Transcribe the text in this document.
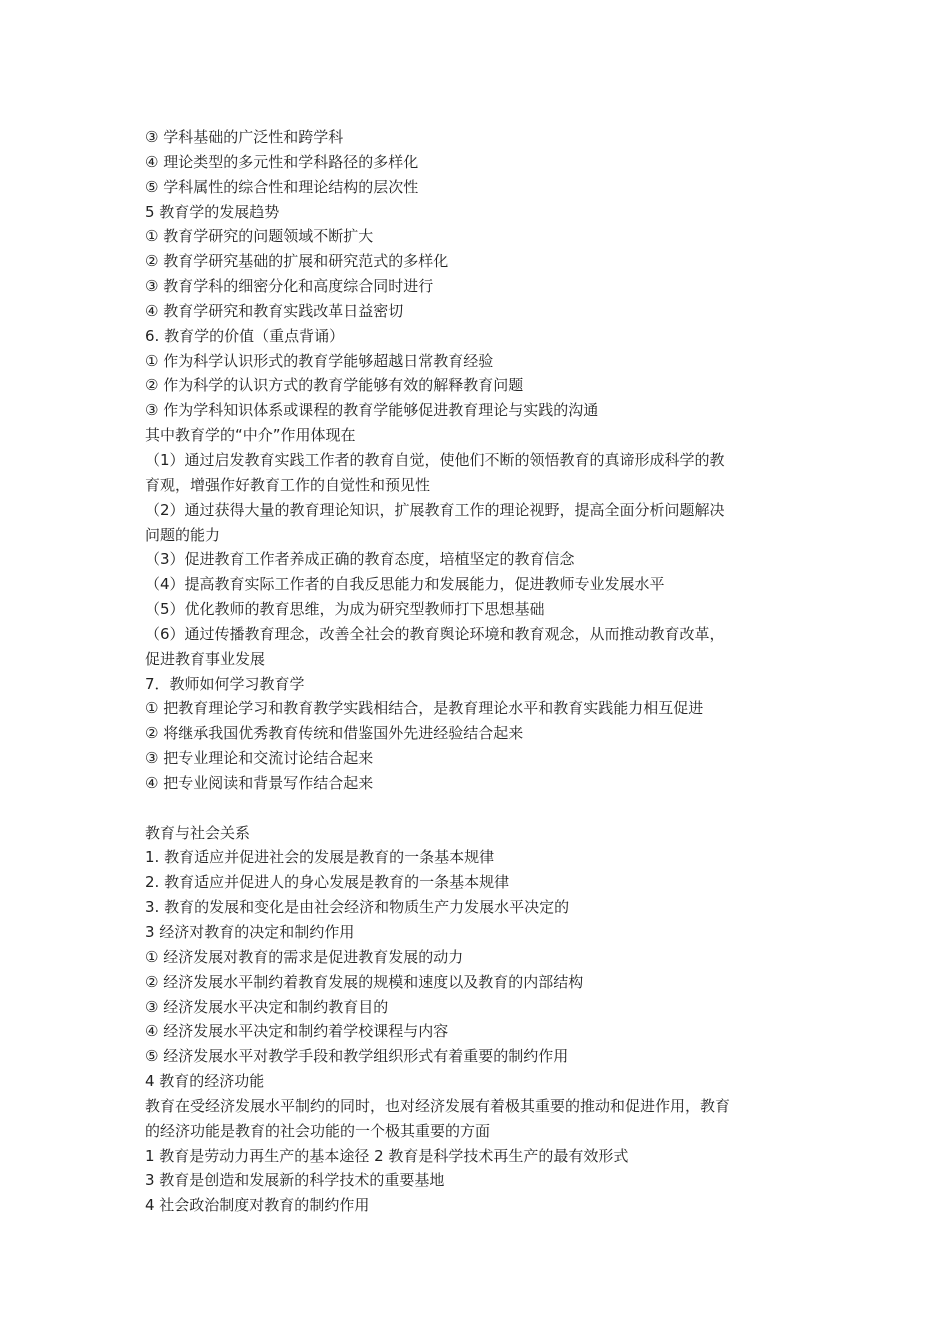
③ 学科基础的广泛性和跨学科
④ 理论类型的多元性和学科路径的多样化
⑤ 学科属性的综合性和理论结构的层次性
5 教育学的发展趋势
① 教育学研究的问题领域不断扩大
② 教育学研究基础的扩展和研究范式的多样化
③ 教育学科的细密分化和高度综合同时进行
④ 教育学研究和教育实践改革日益密切
6. 教育学的价值（重点背诵）
① 作为科学认识形式的教育学能够超越日常教育经验
② 作为科学的认识方式的教育学能够有效的解释教育问题
③ 作为学科知识体系或课程的教育学能够促进教育理论与实践的沟通
其中教育学的“中介”作用体现在
（1）通过启发教育实践工作者的教育自觉，使他们不断的领悟教育的真谛形成科学的教
育观，增强作好教育工作的自觉性和预见性
（2）通过获得大量的教育理论知识，扩展教育工作的理论视野，提高全面分析问题解决
问题的能力
（3）促进教育工作者养成正确的教育态度，培植坚定的教育信念
（4）提高教育实际工作者的自我反思能力和发展能力，促进教师专业发展水平
（5）优化教师的教育思维，为成为研究型教师打下思想基础
（6）通过传播教育理念，改善全社会的教育舆论环境和教育观念，从而推动教育改革，
促进教育事业发展
7．教师如何学习教育学
① 把教育理论学习和教育教学实践相结合，是教育理论水平和教育实践能力相互促进
② 将继承我国优秀教育传统和借鉴国外先进经验结合起来
③ 把专业理论和交流讨论结合起来
④ 把专业阅读和背景写作结合起来
教育与社会关系
1. 教育适应并促进社会的发展是教育的一条基本规律
2. 教育适应并促进人的身心发展是教育的一条基本规律
3. 教育的发展和变化是由社会经济和物质生产力发展水平决定的
3 经济对教育的决定和制约作用
① 经济发展对教育的需求是促进教育发展的动力
② 经济发展水平制约着教育发展的规模和速度以及教育的内部结构
③ 经济发展水平决定和制约教育目的
④ 经济发展水平决定和制约着学校课程与内容
⑤ 经济发展水平对教学手段和教学组织形式有着重要的制约作用
4 教育的经济功能
教育在受经济发展水平制约的同时，也对经济发展有着极其重要的推动和促进作用，教育
的经济功能是教育的社会功能的一个极其重要的方面
1 教育是劳动力再生产的基本途径 2 教育是科学技术再生产的最有效形式
3 教育是创造和发展新的科学技术的重要基地
4 社会政治制度对教育的制约作用
